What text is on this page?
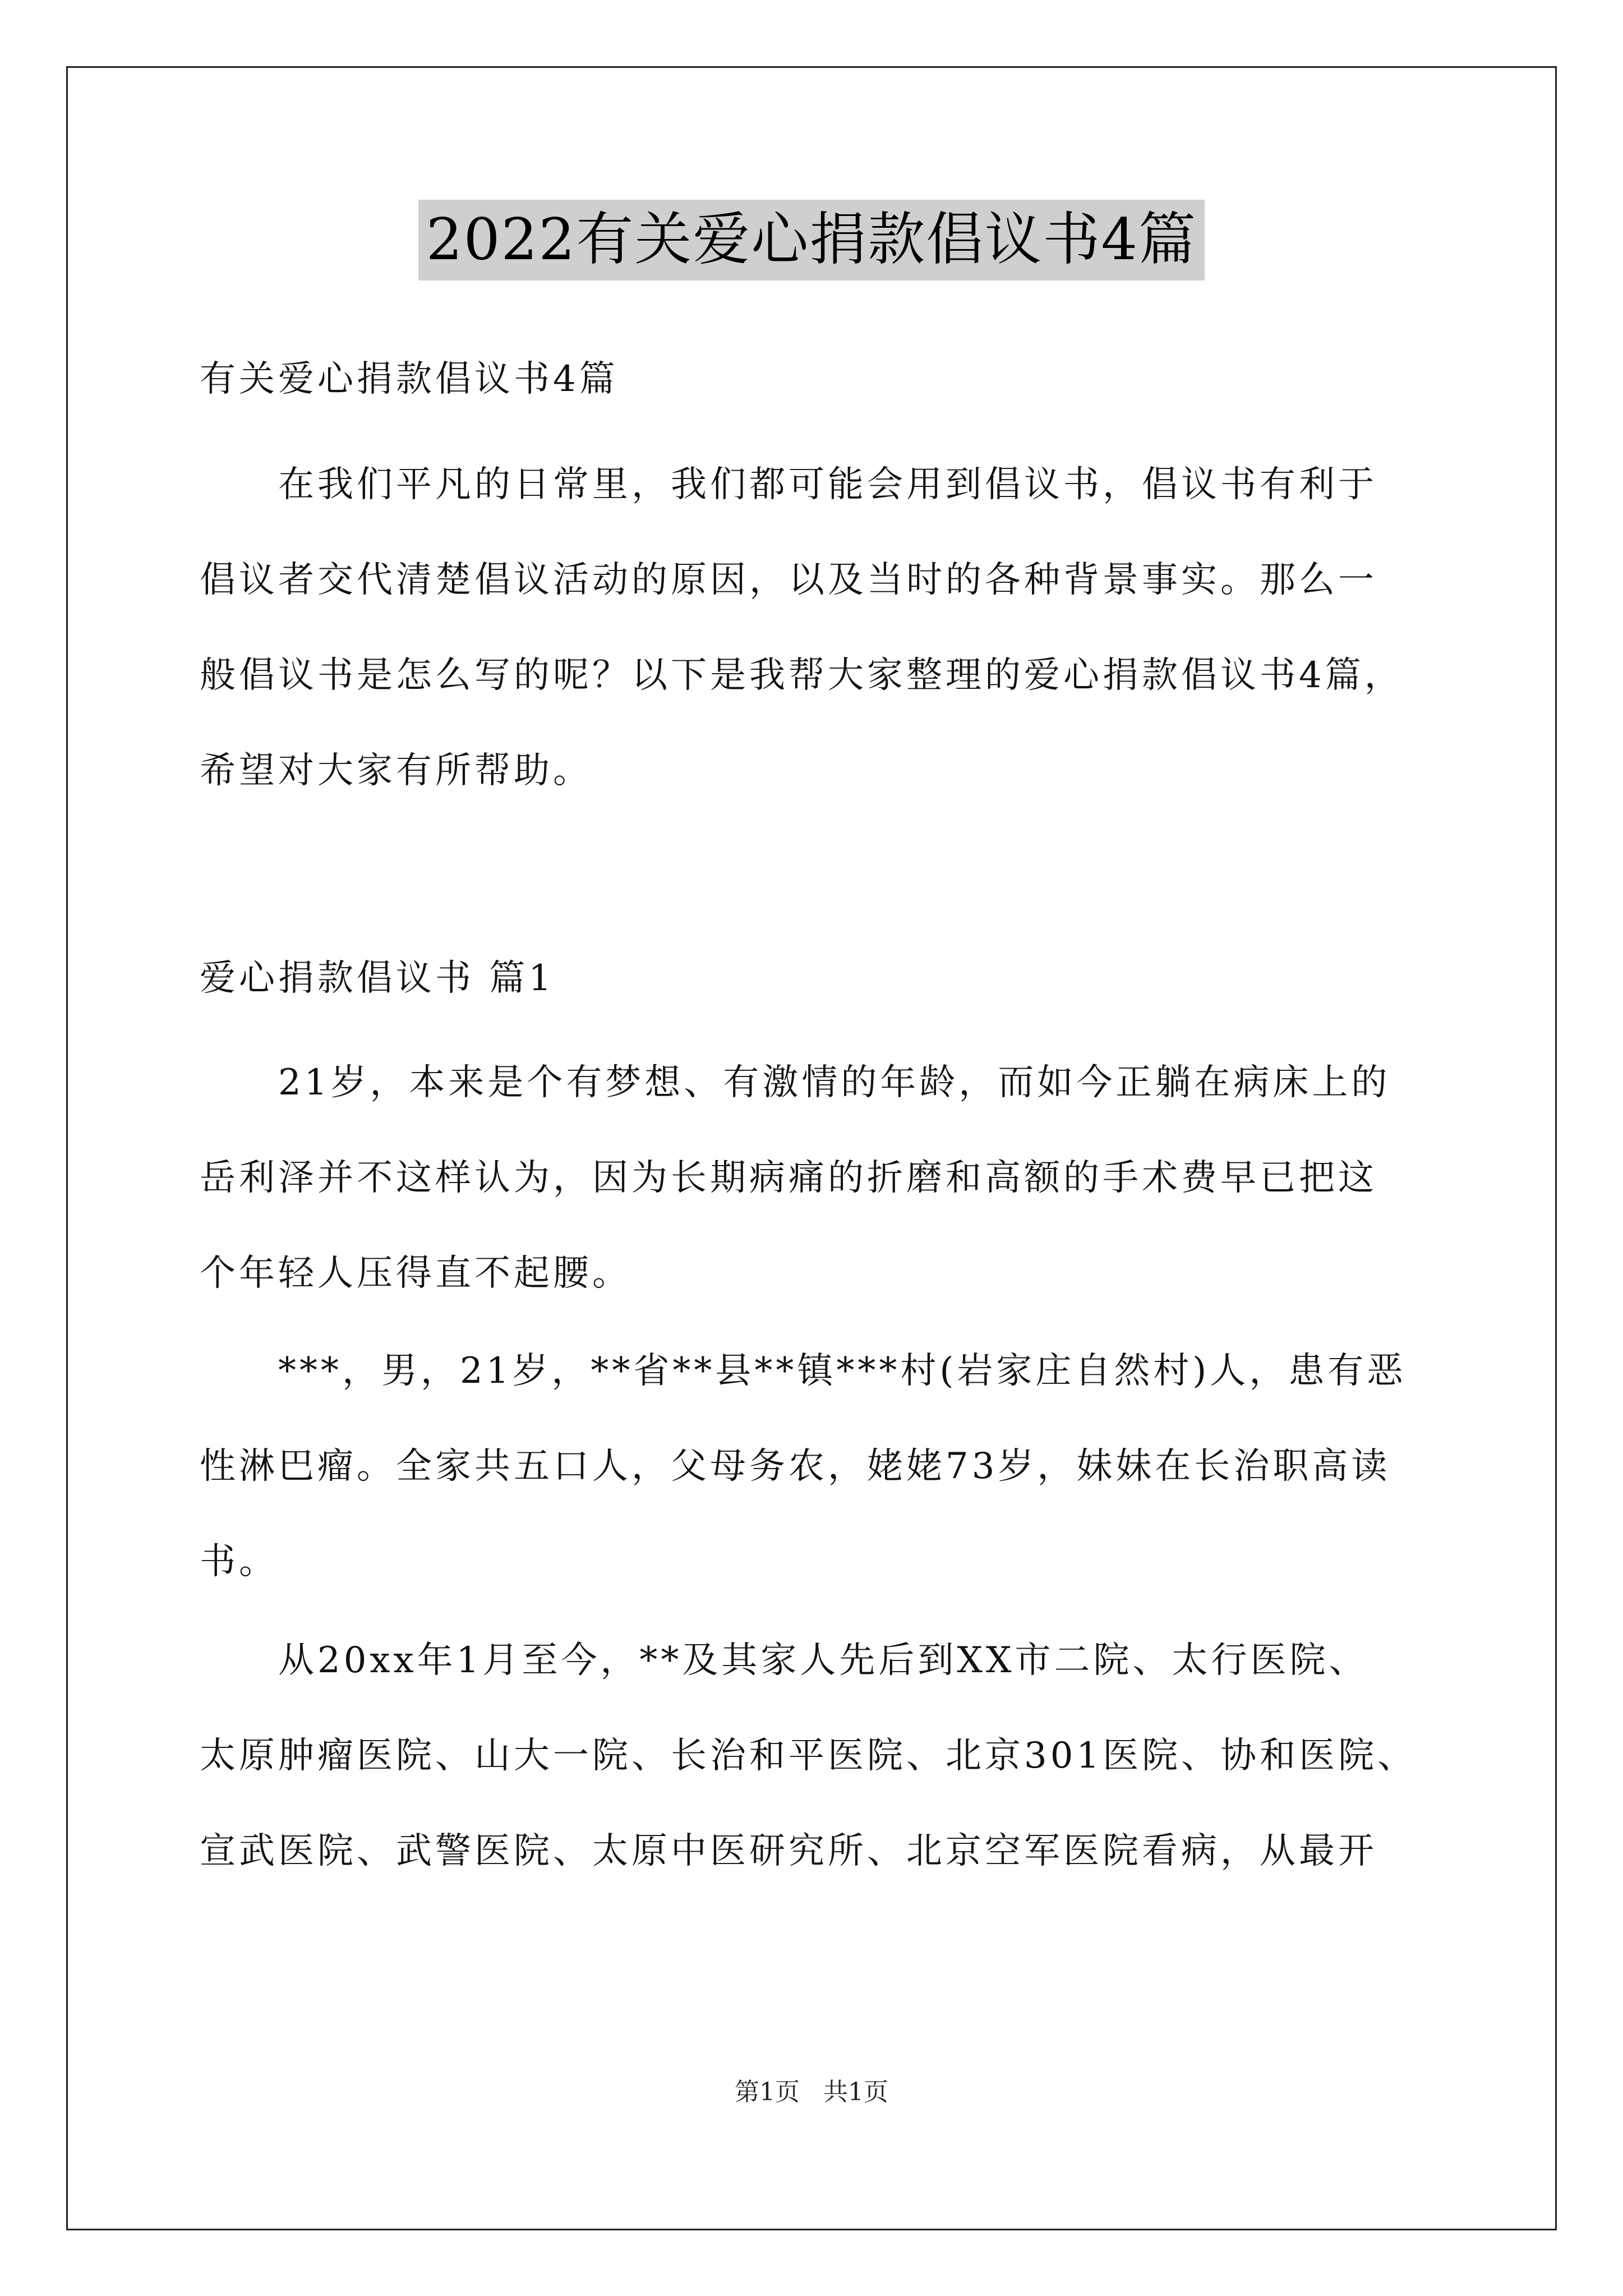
2022有关爱心捐款倡议书4篇
有关爱心捐款倡议书4篇
在我们平凡的日常里，我们都可能会用到倡议书，倡议书有利于
倡议者交代清楚倡议活动的原因，以及当时的各种背景事实。那么一
般倡议书是怎么写的呢？以下是我帮大家整理的爱心捐款倡议书4篇，
希望对大家有所帮助。
爱心捐款倡议书 篇1
21岁，本来是个有梦想、有激情的年龄，而如今正躺在病床上的
岳利泽并不这样认为，因为长期病痛的折磨和高额的手术费早已把这
个年轻人压得直不起腰。
***，男，21岁，**省**县**镇***村(岩家庄自然村)人，患有恶
性淋巴瘤。全家共五口人，父母务农，姥姥73岁，妹妹在长治职高读
书。
从20xx年1月至今，**及其家人先后到XX市二院、太行医院、
太原肿瘤医院、山大一院、长治和平医院、北京301医院、协和医院、
宣武医院、武警医院、太原中医研究所、北京空军医院看病，从最开
第1页   共1页
